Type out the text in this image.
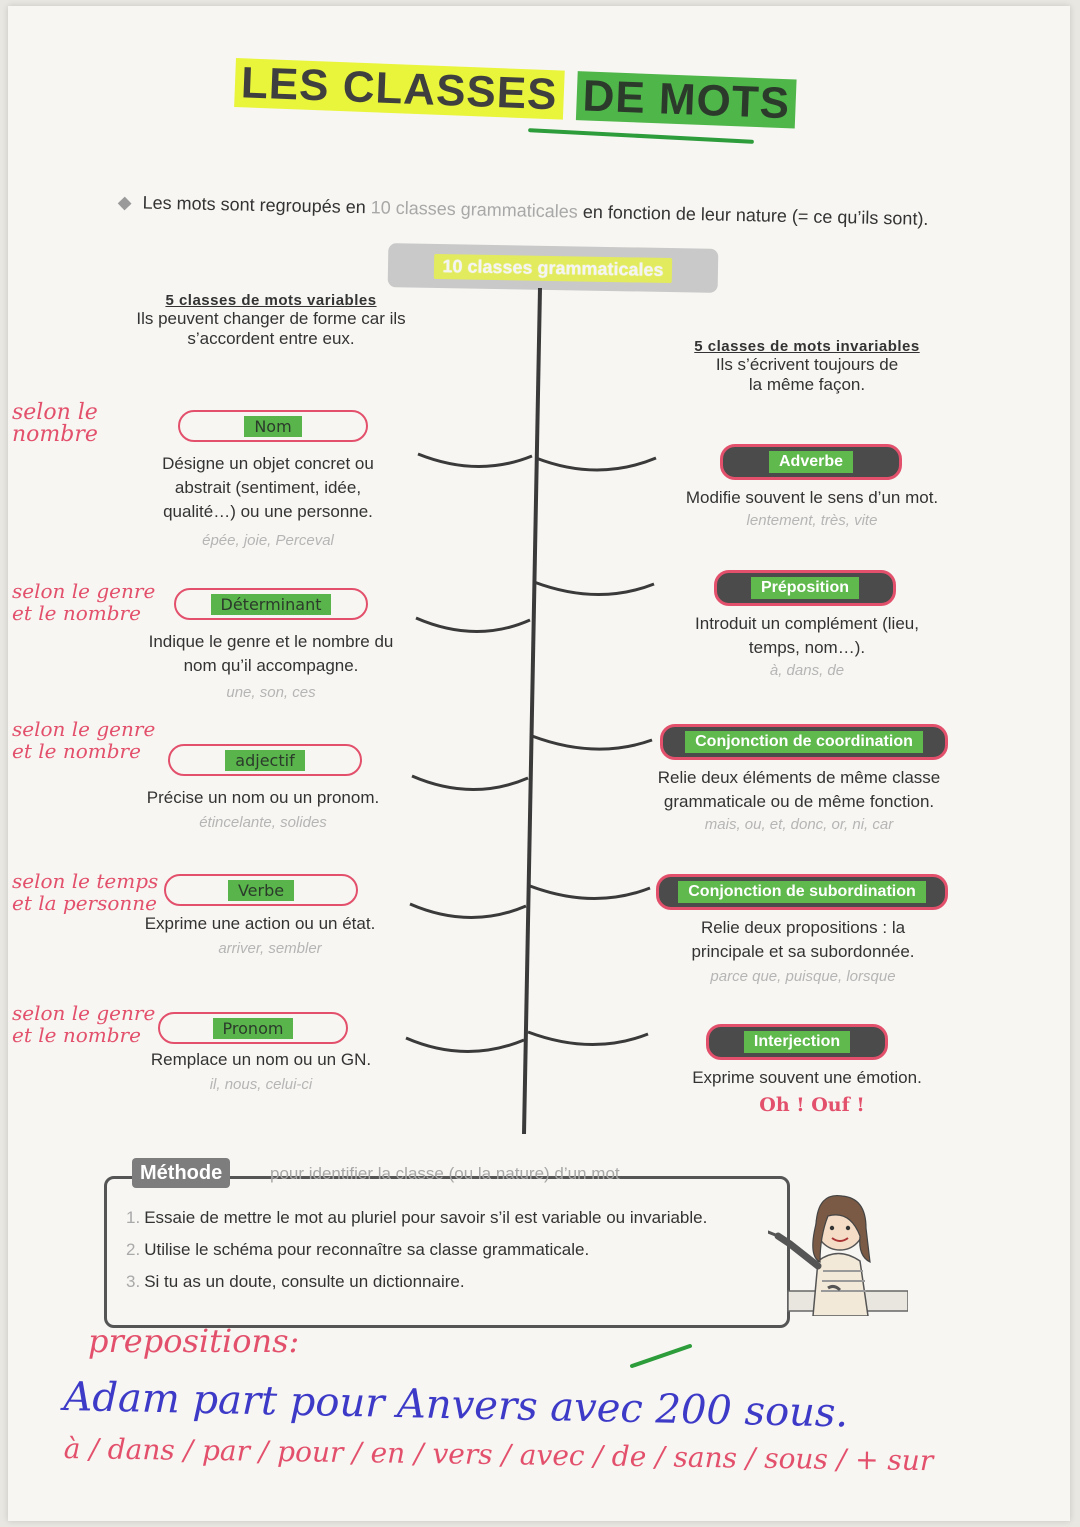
LES CLASSES DE MOTS
◆ Les mots sont regroupés en 10 classes grammaticales en fonction de leur nature (= ce qu’ils sont).
10 classes grammaticales
5 classes de mots variables
Ils peuvent changer de forme car ils s’accordent entre eux.	5 classes de mots invariables
Ils s’écrivent toujours de la même façon.
Nom
Désigne un objet concret ou abstrait (sentiment, idée, qualité…) ou une personne.
épée, joie, Perceval
Déterminant
Indique le genre et le nombre du nom qu’il accompagne.
une, son, ces
adjectif
Précise un nom ou un pronom.
étincelante, solides
Verbe
Exprime une action ou un état.
arriver, sembler
Pronom
Remplace un nom ou un GN.
il, nous, celui-ci
selon le nombre
selon le genre et le nombre
selon le genre et le nombre
selon le temps et la personne
selon le genre et le nombre
Adverbe
Modifie souvent le sens d’un mot.
lentement, très, vite
Préposition
Introduit un complément (lieu, temps, nom…).
à, dans, de
Conjonction de coordination
Relie deux éléments de même classe grammaticale ou de même fonction.
mais, ou, et, donc, or, ni, car
Conjonction de subordination
Relie deux propositions : la principale et sa subordonnée.
parce que, puisque, lorsque
Interjection
Exprime souvent une émotion.
Oh ! Ouf !
Méthode	pour identifier la classe (ou la nature) d’un mot
1. Essaie de mettre le mot au pluriel pour savoir s’il est variable ou invariable.
2. Utilise le schéma pour reconnaître sa classe grammaticale.
3. Si tu as un doute, consulte un dictionnaire.
prepositions:
Adam part pour Anvers avec 200 sous.
à / dans / par / pour / en / vers / avec / de / sans / sous / + sur
